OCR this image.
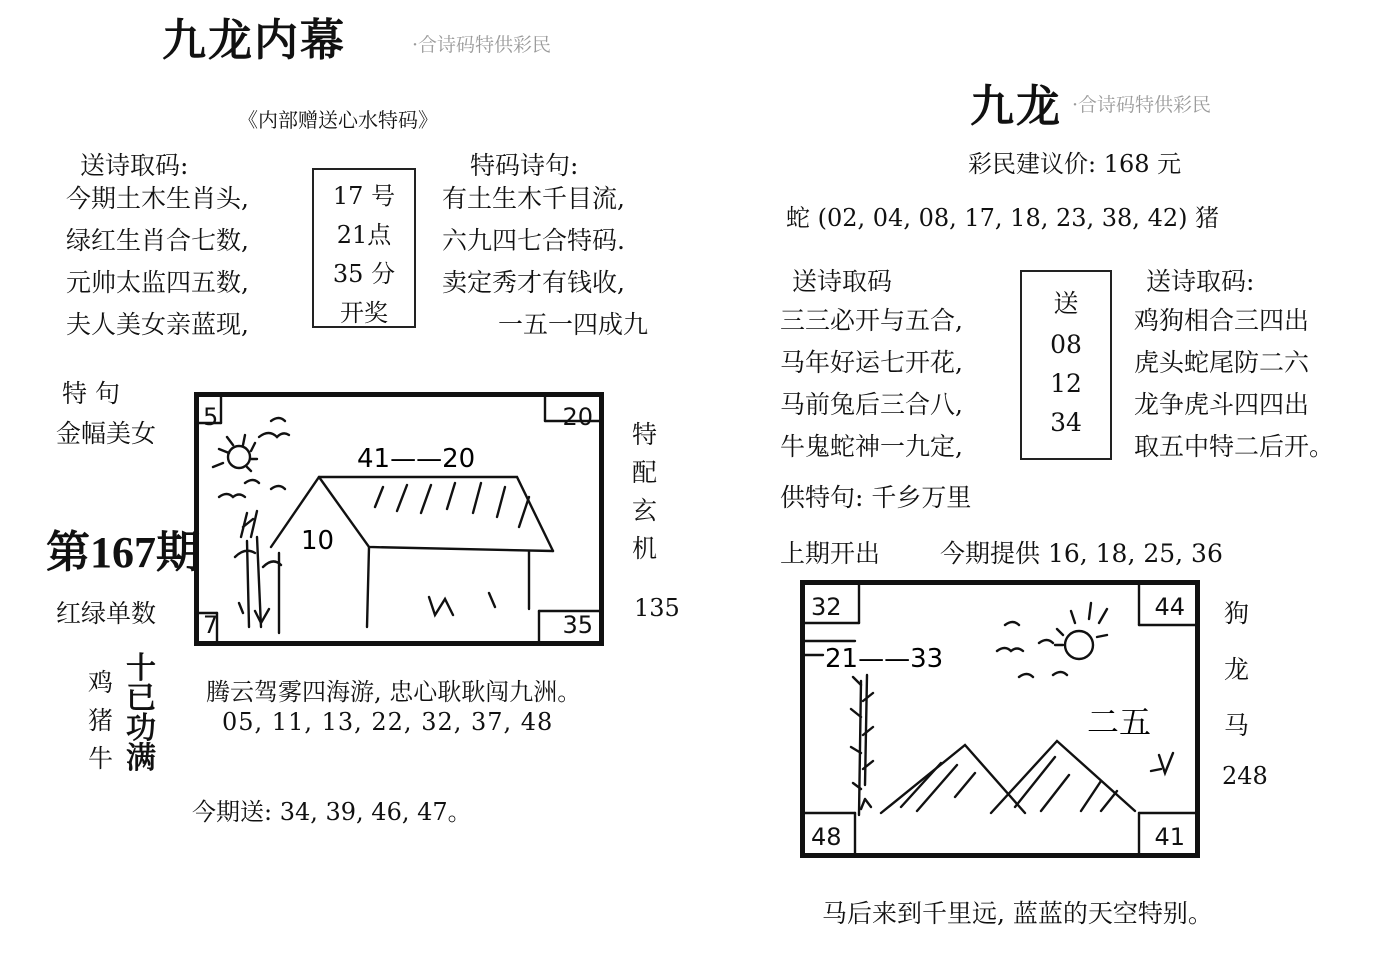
九龙内幕	·合诗码特供彩民
《内部赠送心水特码》
送诗取码:
今期土木生肖头,
绿红生肖合七数,
元帅太监四五数,
夫人美女亲蓝现,
17 号
21点
35 分
开奖
特码诗句:
有土生木千目流,
六九四七合特码.
卖定秀才有钱收,
一五一四成九
特 句
金幅美女
第167期
红绿单数
5	20
7	35
41——20
10
特
配
玄
机
135
鸡
猪
牛
十
已
功
满
腾云驾雾四海游, 忠心耿耿闯九洲。
05, 11, 13, 22, 32, 37, 48
今期送: 34, 39, 46, 47。
九龙 ·合诗码特供彩民
彩民建议价: 168 元
蛇 (02, 04, 08, 17, 18, 23, 38, 42) 猪
送诗取码
三三必开与五合,
马年好运七开花,
马前兔后三合八,
牛鬼蛇神一九定,
送
08
12
34
送诗取码:
鸡狗相合三四出
虎头蛇尾防二六
龙争虎斗四四出
取五中特二后开。
供特句: 千乡万里
上期开出 今期提供 16, 18, 25, 36
32	44
48	41
21——33
二五
狗
龙
马
248
马后来到千里远, 蓝蓝的天空特别。
